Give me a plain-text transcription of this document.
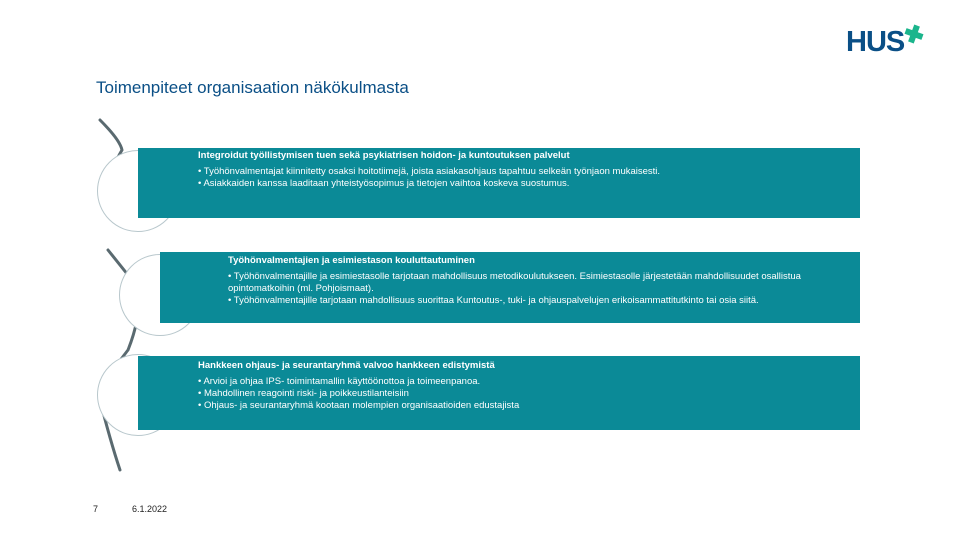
HUS
Toimenpiteet organisaation näkökulmasta
Integroidut työllistymisen tuen sekä psykiatrisen hoidon- ja kuntoutuksen palvelut
• Työhönvalmentajat kiinnitetty osaksi hoitotiimejä, joista asiakasohjaus tapahtuu selkeän työnjaon mukaisesti.
• Asiakkaiden kanssa laaditaan yhteistyösopimus ja tietojen vaihtoa koskeva suostumus.
Työhönvalmentajien ja esimiestason kouluttautuminen
• Työhönvalmentajille ja esimiestasolle tarjotaan mahdollisuus metodikoulutukseen. Esimiestasolle järjestetään mahdollisuudet osallistua opintomatkoihin (ml. Pohjoismaat).
• Työhönvalmentajille tarjotaan mahdollisuus suorittaa Kuntoutus-, tuki- ja ohjauspalvelujen erikoisammattitutkinto tai osia siitä.
Hankkeen ohjaus- ja seurantaryhmä valvoo hankkeen edistymistä
• Arvioi ja ohjaa IPS- toimintamallin käyttöönottoa ja toimeenpanoa.
• Mahdollinen reagointi riski- ja poikkeustilanteisiin
• Ohjaus- ja seurantaryhmä kootaan molempien organisaatioiden edustajista
7	6.1.2022
